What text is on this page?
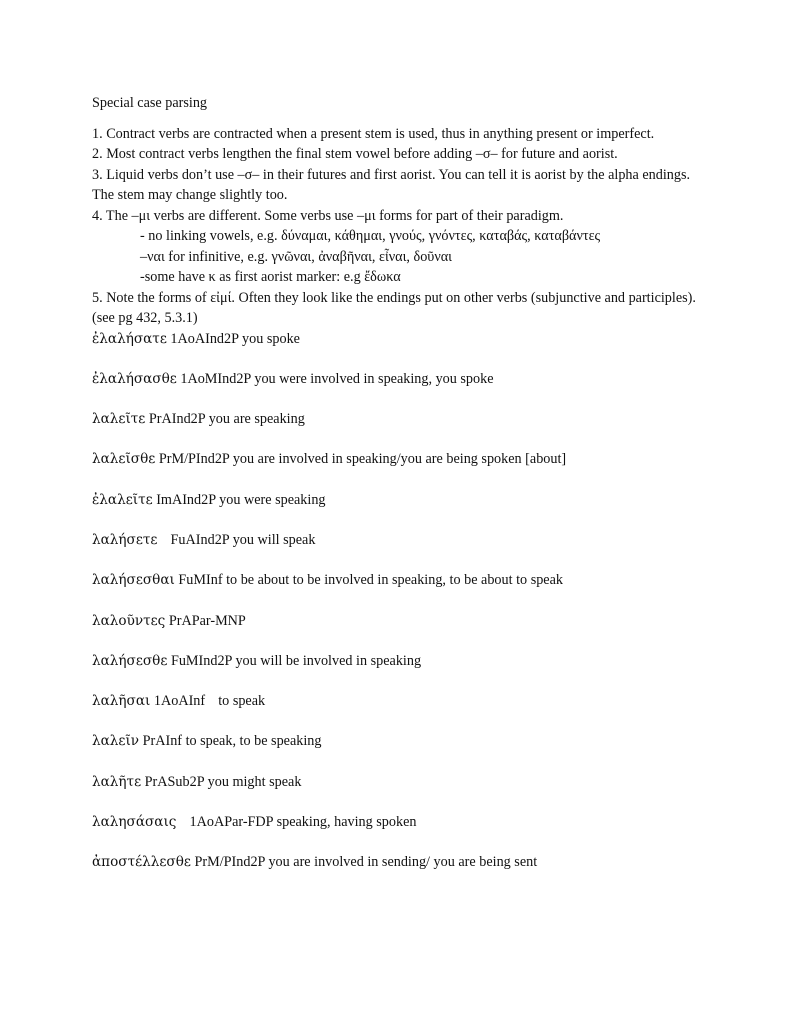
Special case parsing

1. Contract verbs are contracted when a present stem is used, thus in anything present or imperfect.

2. Most contract verbs lengthen the final stem vowel before adding –σ– for future and aorist.

3. Liquid verbs don’t use –σ– in their futures and first aorist. You can tell it is aorist by the alpha endings. The stem may change slightly too.

4. The –μι verbs are different. Some verbs use –μι forms for part of their paradigm.

- no linking vowels, e.g. δύναμαι, κάθημαι, γνούς, γνόντες, καταβάς, καταβάντες

–ναι for infinitive, e.g. γνῶναι, ἀναβῆναι, εἶναι, δοῦναι

-some have κ as first aorist marker: e.g ἔδωκα

5. Note the forms of εἰμί. Often they look like the endings put on other verbs (subjunctive and participles). (see pg 432, 5.3.1)

ἐλαλήσατε 1AoAInd2P you spoke

ἐλαλήσασθε 1AoMInd2P you were involved in speaking, you spoke

λαλεῖτε PrAInd2P you are speaking

λαλεῖσθε PrM/PInd2P you are involved in speaking/you are being spoken [about]

ἐλαλεῖτε ImAInd2P you were speaking

λαλήσετε FuAInd2P you will speak

λαλήσεσθαι FuMInf to be about to be involved in speaking, to be about to speak

λαλοῦντες PrAPar-MNP

λαλήσεσθε FuMInd2P you will be involved in speaking

λαλῆσαι 1AoAInf to speak

λαλεῖν PrAInf to speak, to be speaking

λαλῆτε PrASub2P you might speak

λαλησάσαις 1AoAPar-FDP speaking, having spoken

ἀποστέλλεσθε PrM/PInd2P you are involved in sending/ you are being sent
